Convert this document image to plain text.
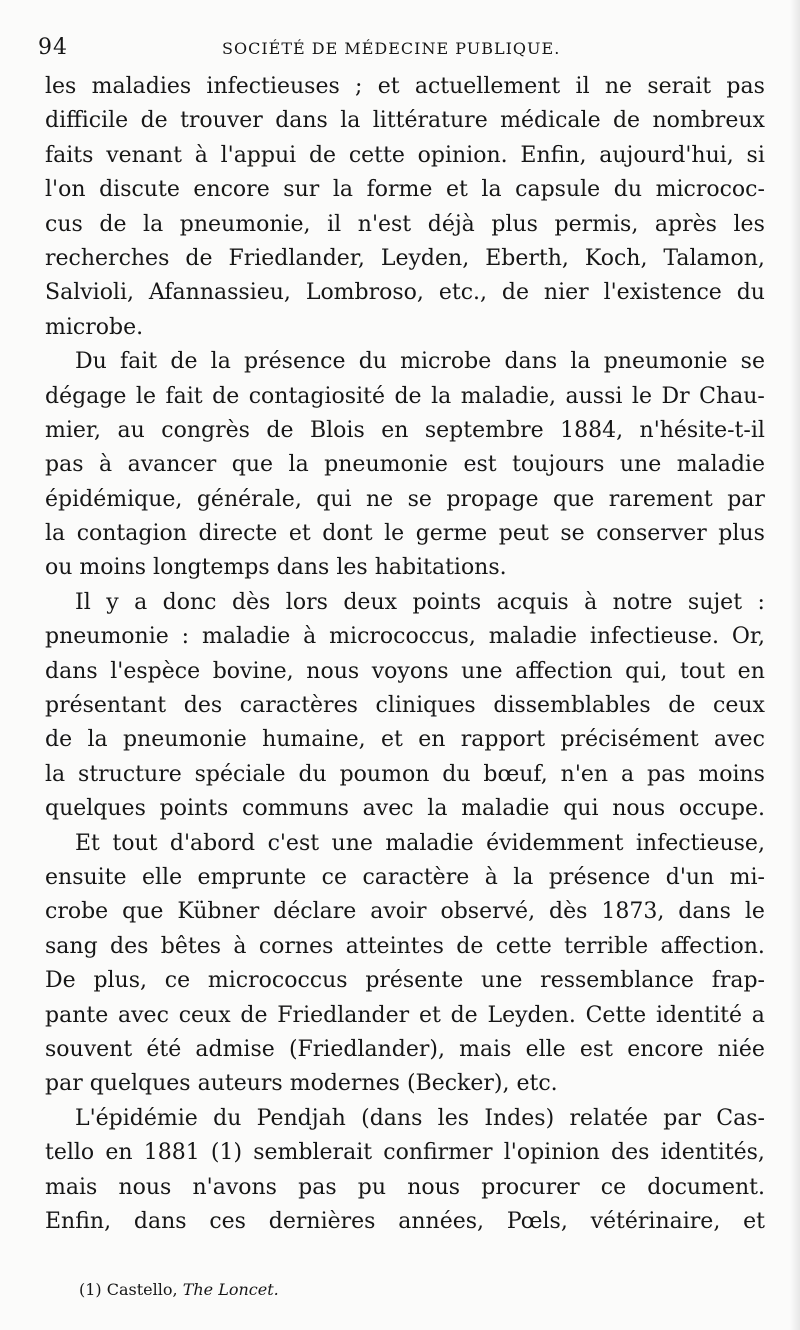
94	SOCIÉTÉ DE MÉDECINE PUBLIQUE.
les maladies infectieuses ; et actuellement il ne serait pas
difficile de trouver dans la littérature médicale de nombreux
faits venant à l'appui de cette opinion. Enfin, aujourd'hui, si
l'on discute encore sur la forme et la capsule du micrococ-
cus de la pneumonie, il n'est déjà plus permis, après les
recherches de Friedlander, Leyden, Eberth, Koch, Talamon,
Salvioli, Afannassieu, Lombroso, etc., de nier l'existence du
microbe.
Du fait de la présence du microbe dans la pneumonie se
dégage le fait de contagiosité de la maladie, aussi le Dr Chau-
mier, au congrès de Blois en septembre 1884, n'hésite-t-il
pas à avancer que la pneumonie est toujours une maladie
épidémique, générale, qui ne se propage que rarement par
la contagion directe et dont le germe peut se conserver plus
ou moins longtemps dans les habitations.
Il y a donc dès lors deux points acquis à notre sujet :
pneumonie : maladie à micrococcus, maladie infectieuse. Or,
dans l'espèce bovine, nous voyons une affection qui, tout en
présentant des caractères cliniques dissemblables de ceux
de la pneumonie humaine, et en rapport précisément avec
la structure spéciale du poumon du bœuf, n'en a pas moins
quelques points communs avec la maladie qui nous occupe.
Et tout d'abord c'est une maladie évidemment infectieuse,
ensuite elle emprunte ce caractère à la présence d'un mi-
crobe que Kübner déclare avoir observé, dès 1873, dans le
sang des bêtes à cornes atteintes de cette terrible affection.
De plus, ce micrococcus présente une ressemblance frap-
pante avec ceux de Friedlander et de Leyden. Cette identité a
souvent été admise (Friedlander), mais elle est encore niée
par quelques auteurs modernes (Becker), etc.
L'épidémie du Pendjah (dans les Indes) relatée par Cas-
tello en 1881 (1) semblerait confirmer l'opinion des identités,
mais nous n'avons pas pu nous procurer ce document.
Enfin, dans ces dernières années, Pœls, vétérinaire, et
(1) Castello, The Loncet.
